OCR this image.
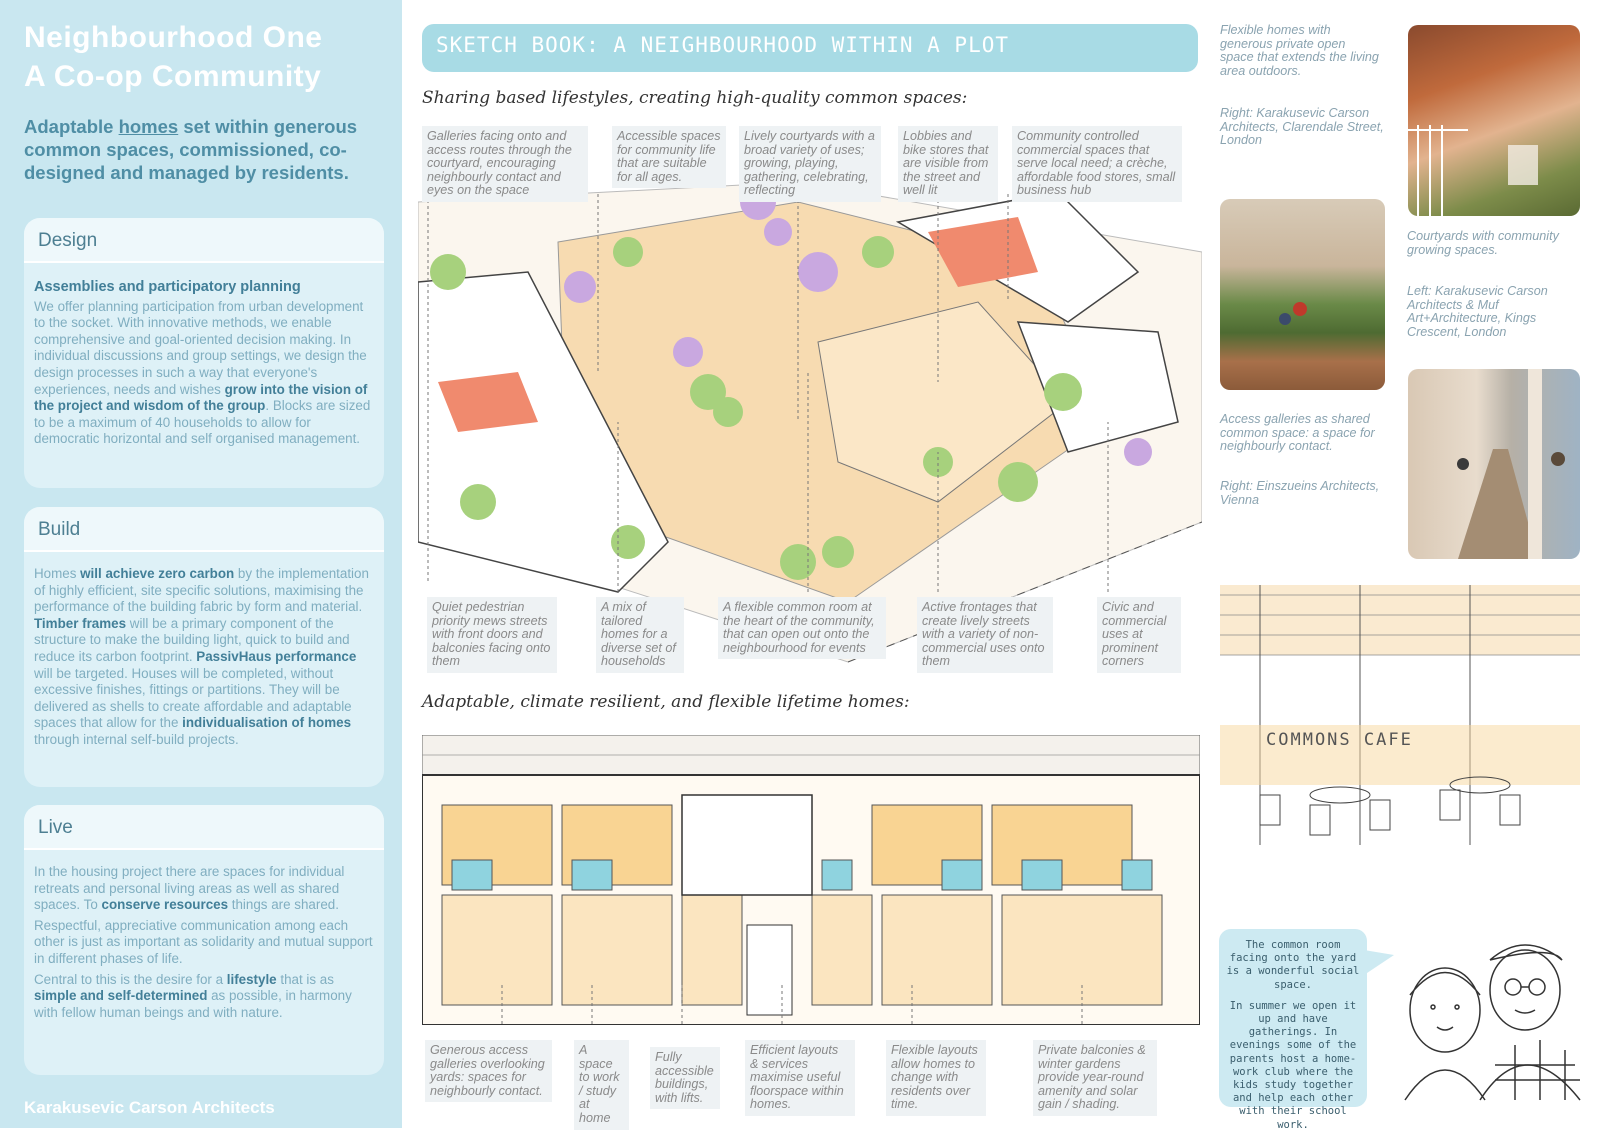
Neighbourhood One
A Co-op Community
Adaptable homes set within generous common spaces, commissioned, co-designed and managed by residents.
Design
Assemblies and participatory planning

We offer planning participation from urban development to the socket. With innovative methods, we enable comprehensive and goal-oriented decision making. In individual discussions and group settings, we design the design processes in such a way that everyone's experiences, needs and wishes grow into the vision of the project and wisdom of the group. Blocks are sized to be a maximum of 40 households to allow for democratic horizontal and self organised management.

Build

Homes will achieve zero carbon by the implementation of highly efficient, site specific solutions, maximising the performance of the building fabric by form and material. Timber frames will be a primary component of the structure to make the building light, quick to build and reduce its carbon footprint. PassivHaus performance will be targeted. Houses will be completed, without excessive finishes, fittings or partitions. They will be delivered as shells to create affordable and adaptable spaces that allow for the individualisation of homes through internal self-build projects.

Live

In the housing project there are spaces for individual retreats and personal living areas as well as shared spaces. To conserve resources things are shared.

Respectful, appreciative communication among each other is just as important as solidarity and mutual support in different phases of life.

Central to this is the desire for a lifestyle that is as simple and self-determined as possible, in harmony with fellow human beings and with nature.

Karakusevic Carson Architects
SKETCH BOOK: A NEIGHBOURHOOD WITHIN A PLOT
Sharing based lifestyles, creating high-quality common spaces:
Galleries facing onto and access routes through the courtyard, encouraging neighbourly contact and eyes on the space
Accessible spaces for community life that are suitable for all ages.
Lively courtyards with a broad variety of uses; growing, playing, gathering, celebrating, reflecting
Lobbies and bike stores that are visible from the street and well lit
Community controlled commercial spaces that serve local need; a crèche, affordable food stores, small business hub
Quiet pedestrian priority mews streets with front doors and balconies facing onto them
A mix of tailored homes for a diverse set of households
A flexible common room at the heart of the community, that can open out onto the neighbourhood for events
Active frontages that create lively streets with a variety of non-commercial uses onto them
Civic and commercial uses at prominent corners
Adaptable, climate resilient, and flexible lifetime homes:
Generous access galleries overlooking yards: spaces for neighbourly contact.
A space to work / study at home
Fully accessible buildings, with lifts.
Efficient layouts & services maximise useful floorspace within homes.
Flexible layouts allow homes to change with residents over time.
Private balconies & winter gardens provide year-round amenity and solar gain / shading.
Flexible homes with generous private open space that extends the living area outdoors.
Right: Karakusevic Carson Architects, Clarendale Street, London
Courtyards with community growing spaces.
Left: Karakusevic Carson Architects & Muf Art+Architecture, Kings Crescent, London
Access galleries as shared common space: a space for neighbourly contact.
Right: Einszueins Architects, Vienna
COMMONS CAFE
The common room facing onto the yard is a wonderful social space.
In summer we open it up and have gatherings. In evenings some of the parents host a home-work club where the kids study together and help each other with their school work.
